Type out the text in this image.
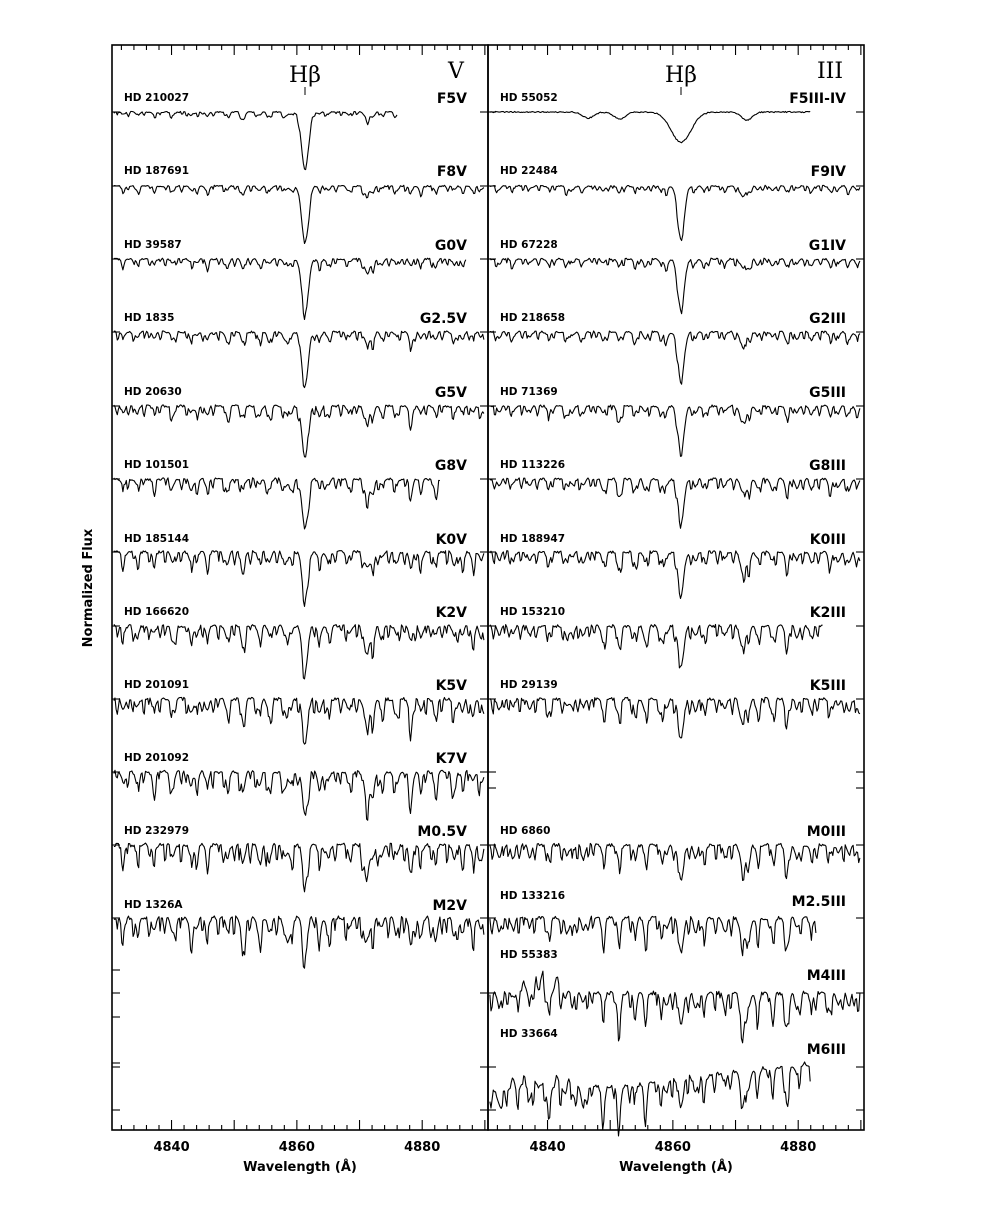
4840	4860	4880	4840	4860	4880
Hβ	Hβ
HD 210027	F5V
HD 187691	F8V
HD 39587	G0V
HD 1835	G2.5V
HD 20630	G5V
HD 101501	G8V
HD 185144	K0V
HD 166620	K2V
HD 201091	K5V
HD 201092	K7V
HD 232979	M0.5V
HD 1326A	M2V
HD 55052	F5III-IV
HD 22484	F9IV
HD 67228	G1IV
HD 218658	G2III
HD 71369	G5III
HD 113226	G8III
HD 188947	K0III
HD 153210	K2III
HD 29139	K5III
HD 6860	M0III
HD 133216	M2.5III
HD 55383
M4III
HD 33664
M6III
Normalized Flux
Wavelength (Å)	Wavelength (Å)
V	III
